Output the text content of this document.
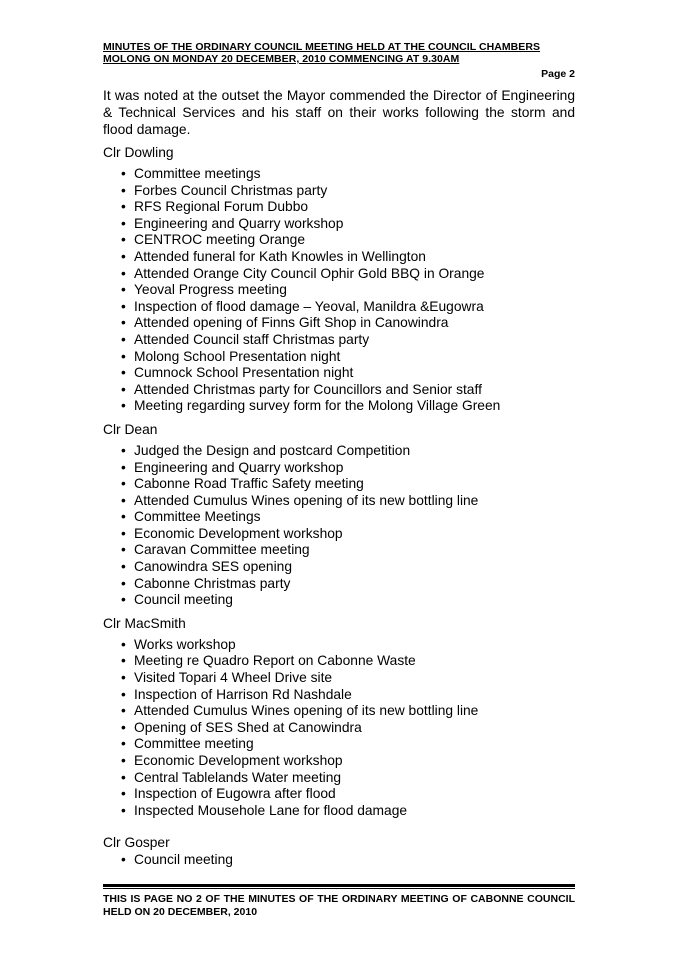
MINUTES OF THE ORDINARY COUNCIL MEETING HELD AT THE COUNCIL CHAMBERS
MOLONG ON MONDAY 20 DECEMBER, 2010 COMMENCING AT 9.30AM
Page 2
It was noted at the outset the Mayor commended the Director of Engineering & Technical Services and his staff on their works following the storm and flood damage.
Clr Dowling
• Committee meetings
• Forbes Council Christmas party
• RFS Regional Forum Dubbo
• Engineering and Quarry workshop
• CENTROC meeting Orange
• Attended funeral for Kath Knowles in Wellington
• Attended Orange City Council Ophir Gold BBQ in Orange
• Yeoval Progress meeting
• Inspection of flood damage – Yeoval, Manildra &Eugowra
• Attended opening of Finns Gift Shop in Canowindra
• Attended Council staff Christmas party
• Molong School Presentation night
• Cumnock School Presentation night
• Attended Christmas party for Councillors and Senior staff
• Meeting regarding survey form for the Molong Village Green
Clr Dean
• Judged the Design and postcard Competition
• Engineering and Quarry workshop
• Cabonne Road Traffic Safety meeting
• Attended Cumulus Wines opening of its new bottling line
• Committee Meetings
• Economic Development workshop
• Caravan Committee meeting
• Canowindra SES opening
• Cabonne Christmas party
• Council meeting
Clr MacSmith
• Works workshop
• Meeting re Quadro Report on Cabonne Waste
• Visited Topari 4 Wheel Drive site
• Inspection of Harrison Rd Nashdale
• Attended Cumulus Wines opening of its new bottling line
• Opening of SES Shed at Canowindra
• Committee meeting
• Economic Development workshop
• Central Tablelands Water meeting
• Inspection of Eugowra after flood
• Inspected Mousehole Lane for flood damage
Clr Gosper
• Council meeting
THIS IS PAGE NO 2 OF THE MINUTES OF THE ORDINARY MEETING OF CABONNE COUNCIL HELD ON 20 DECEMBER, 2010
